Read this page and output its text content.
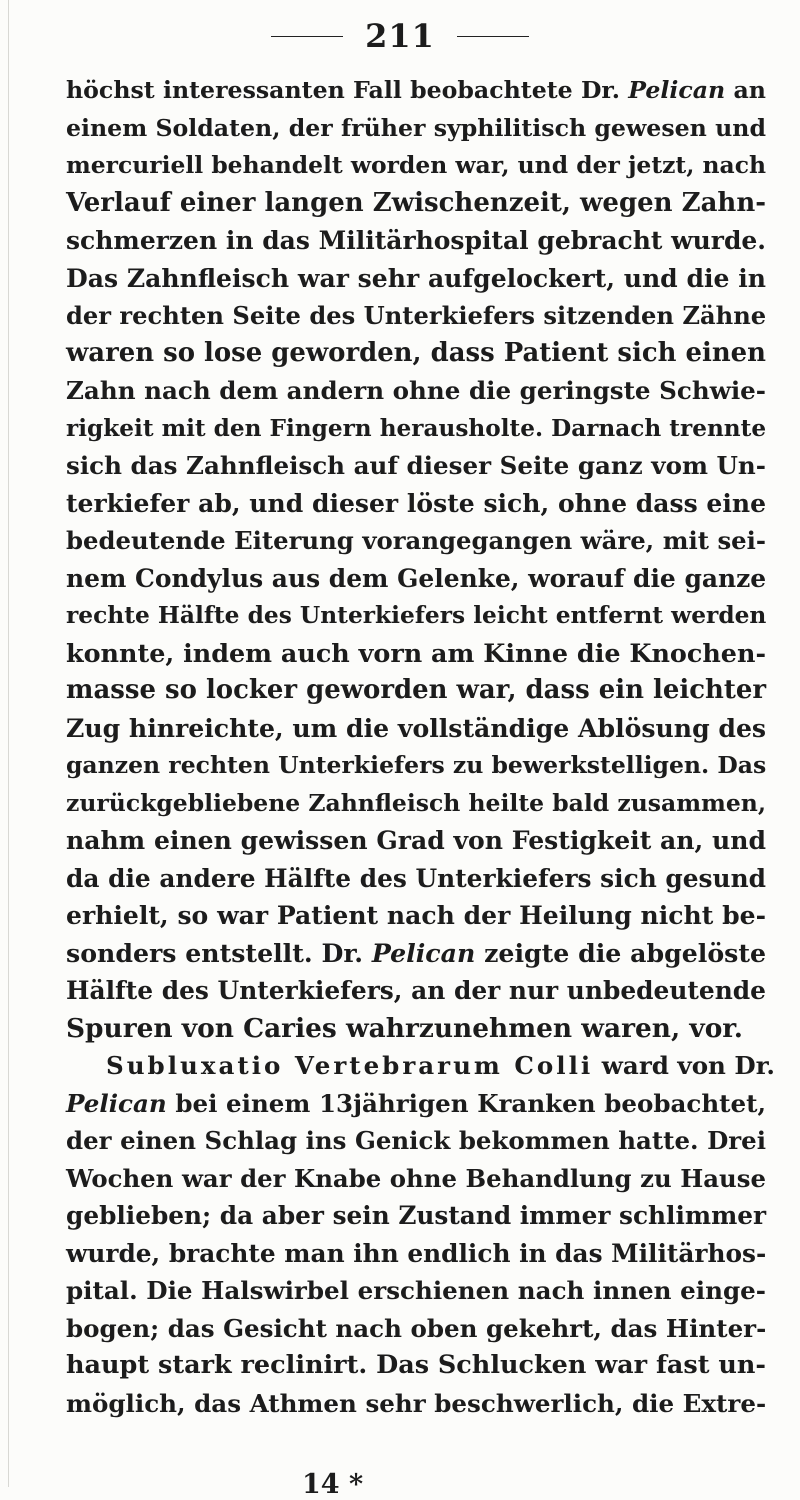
211
höchst interessanten Fall beobachtete Dr. Pelican an
einem Soldaten, der früher syphilitisch gewesen und
mercuriell behandelt worden war, und der jetzt, nach
Verlauf einer langen Zwischenzeit, wegen Zahn-
schmerzen in das Militärhospital gebracht wurde.
Das Zahnfleisch war sehr aufgelockert, und die in
der rechten Seite des Unterkiefers sitzenden Zähne
waren so lose geworden, dass Patient sich einen
Zahn nach dem andern ohne die geringste Schwie-
rigkeit mit den Fingern herausholte. Darnach trennte
sich das Zahnfleisch auf dieser Seite ganz vom Un-
terkiefer ab, und dieser löste sich, ohne dass eine
bedeutende Eiterung vorangegangen wäre, mit sei-
nem Condylus aus dem Gelenke, worauf die ganze
rechte Hälfte des Unterkiefers leicht entfernt werden
konnte, indem auch vorn am Kinne die Knochen-
masse so locker geworden war, dass ein leichter
Zug hinreichte, um die vollständige Ablösung des
ganzen rechten Unterkiefers zu bewerkstelligen. Das
zurückgebliebene Zahnfleisch heilte bald zusammen,
nahm einen gewissen Grad von Festigkeit an, und
da die andere Hälfte des Unterkiefers sich gesund
erhielt, so war Patient nach der Heilung nicht be-
sonders entstellt. Dr. Pelican zeigte die abgelöste
Hälfte des Unterkiefers, an der nur unbedeutende
Spuren von Caries wahrzunehmen waren, vor.
Subluxatio Vertebrarum Colli ward von Dr.
Pelican bei einem 13jährigen Kranken beobachtet,
der einen Schlag ins Genick bekommen hatte. Drei
Wochen war der Knabe ohne Behandlung zu Hause
geblieben; da aber sein Zustand immer schlimmer
wurde, brachte man ihn endlich in das Militärhos-
pital. Die Halswirbel erschienen nach innen einge-
bogen; das Gesicht nach oben gekehrt, das Hinter-
haupt stark reclinirt. Das Schlucken war fast un-
möglich, das Athmen sehr beschwerlich, die Extre-
14 *
